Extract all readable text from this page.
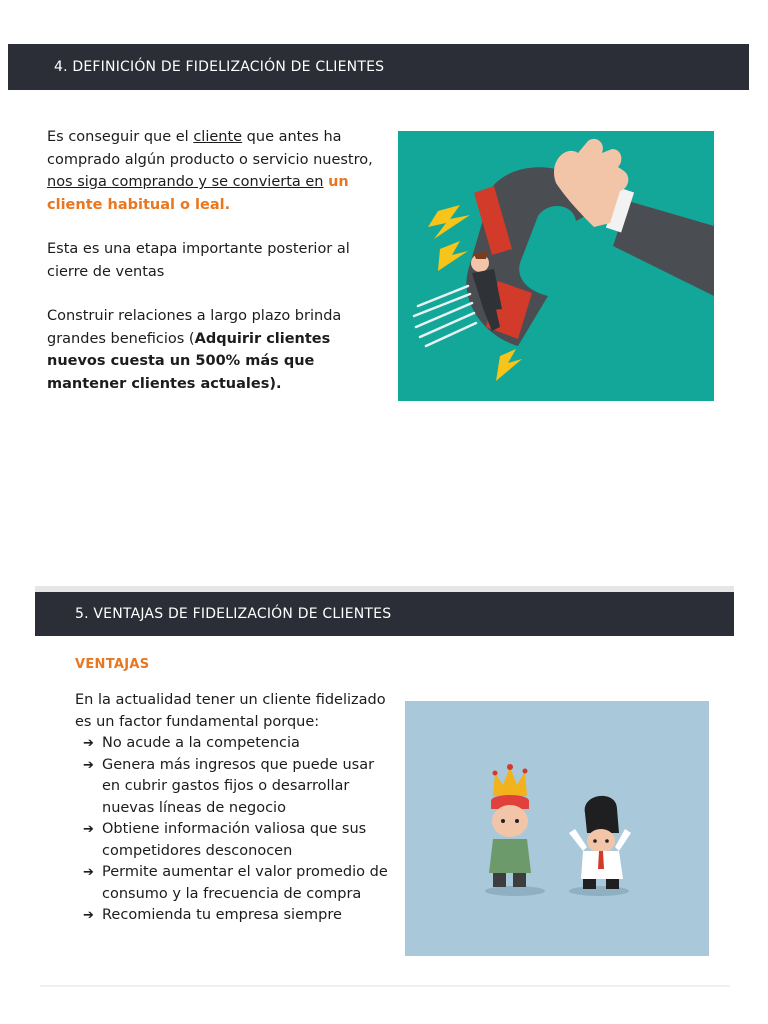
4. DEFINICIÓN DE FIDELIZACIÓN DE CLIENTES

Es conseguir que el cliente que antes ha comprado algún producto o servicio nuestro, nos siga comprando y se convierta en un cliente habitual o leal.

Esta es una etapa importante posterior al cierre de ventas

Construir relaciones a largo plazo brinda grandes beneficios (Adquirir clientes nuevos cuesta un 500% más que mantener clientes actuales).

5. VENTAJAS DE FIDELIZACIÓN DE CLIENTES
VENTAJAS

En la actualidad tener un cliente fidelizado es un factor fundamental porque:

➔ No acude a la competencia
➔ Genera más ingresos que puede usar en cubrir gastos fijos o desarrollar nuevas líneas de negocio
➔ Obtiene información valiosa que sus competidores desconocen
➔ Permite aumentar el valor promedio de consumo y la frecuencia de compra
➔ Recomienda tu empresa siempre
